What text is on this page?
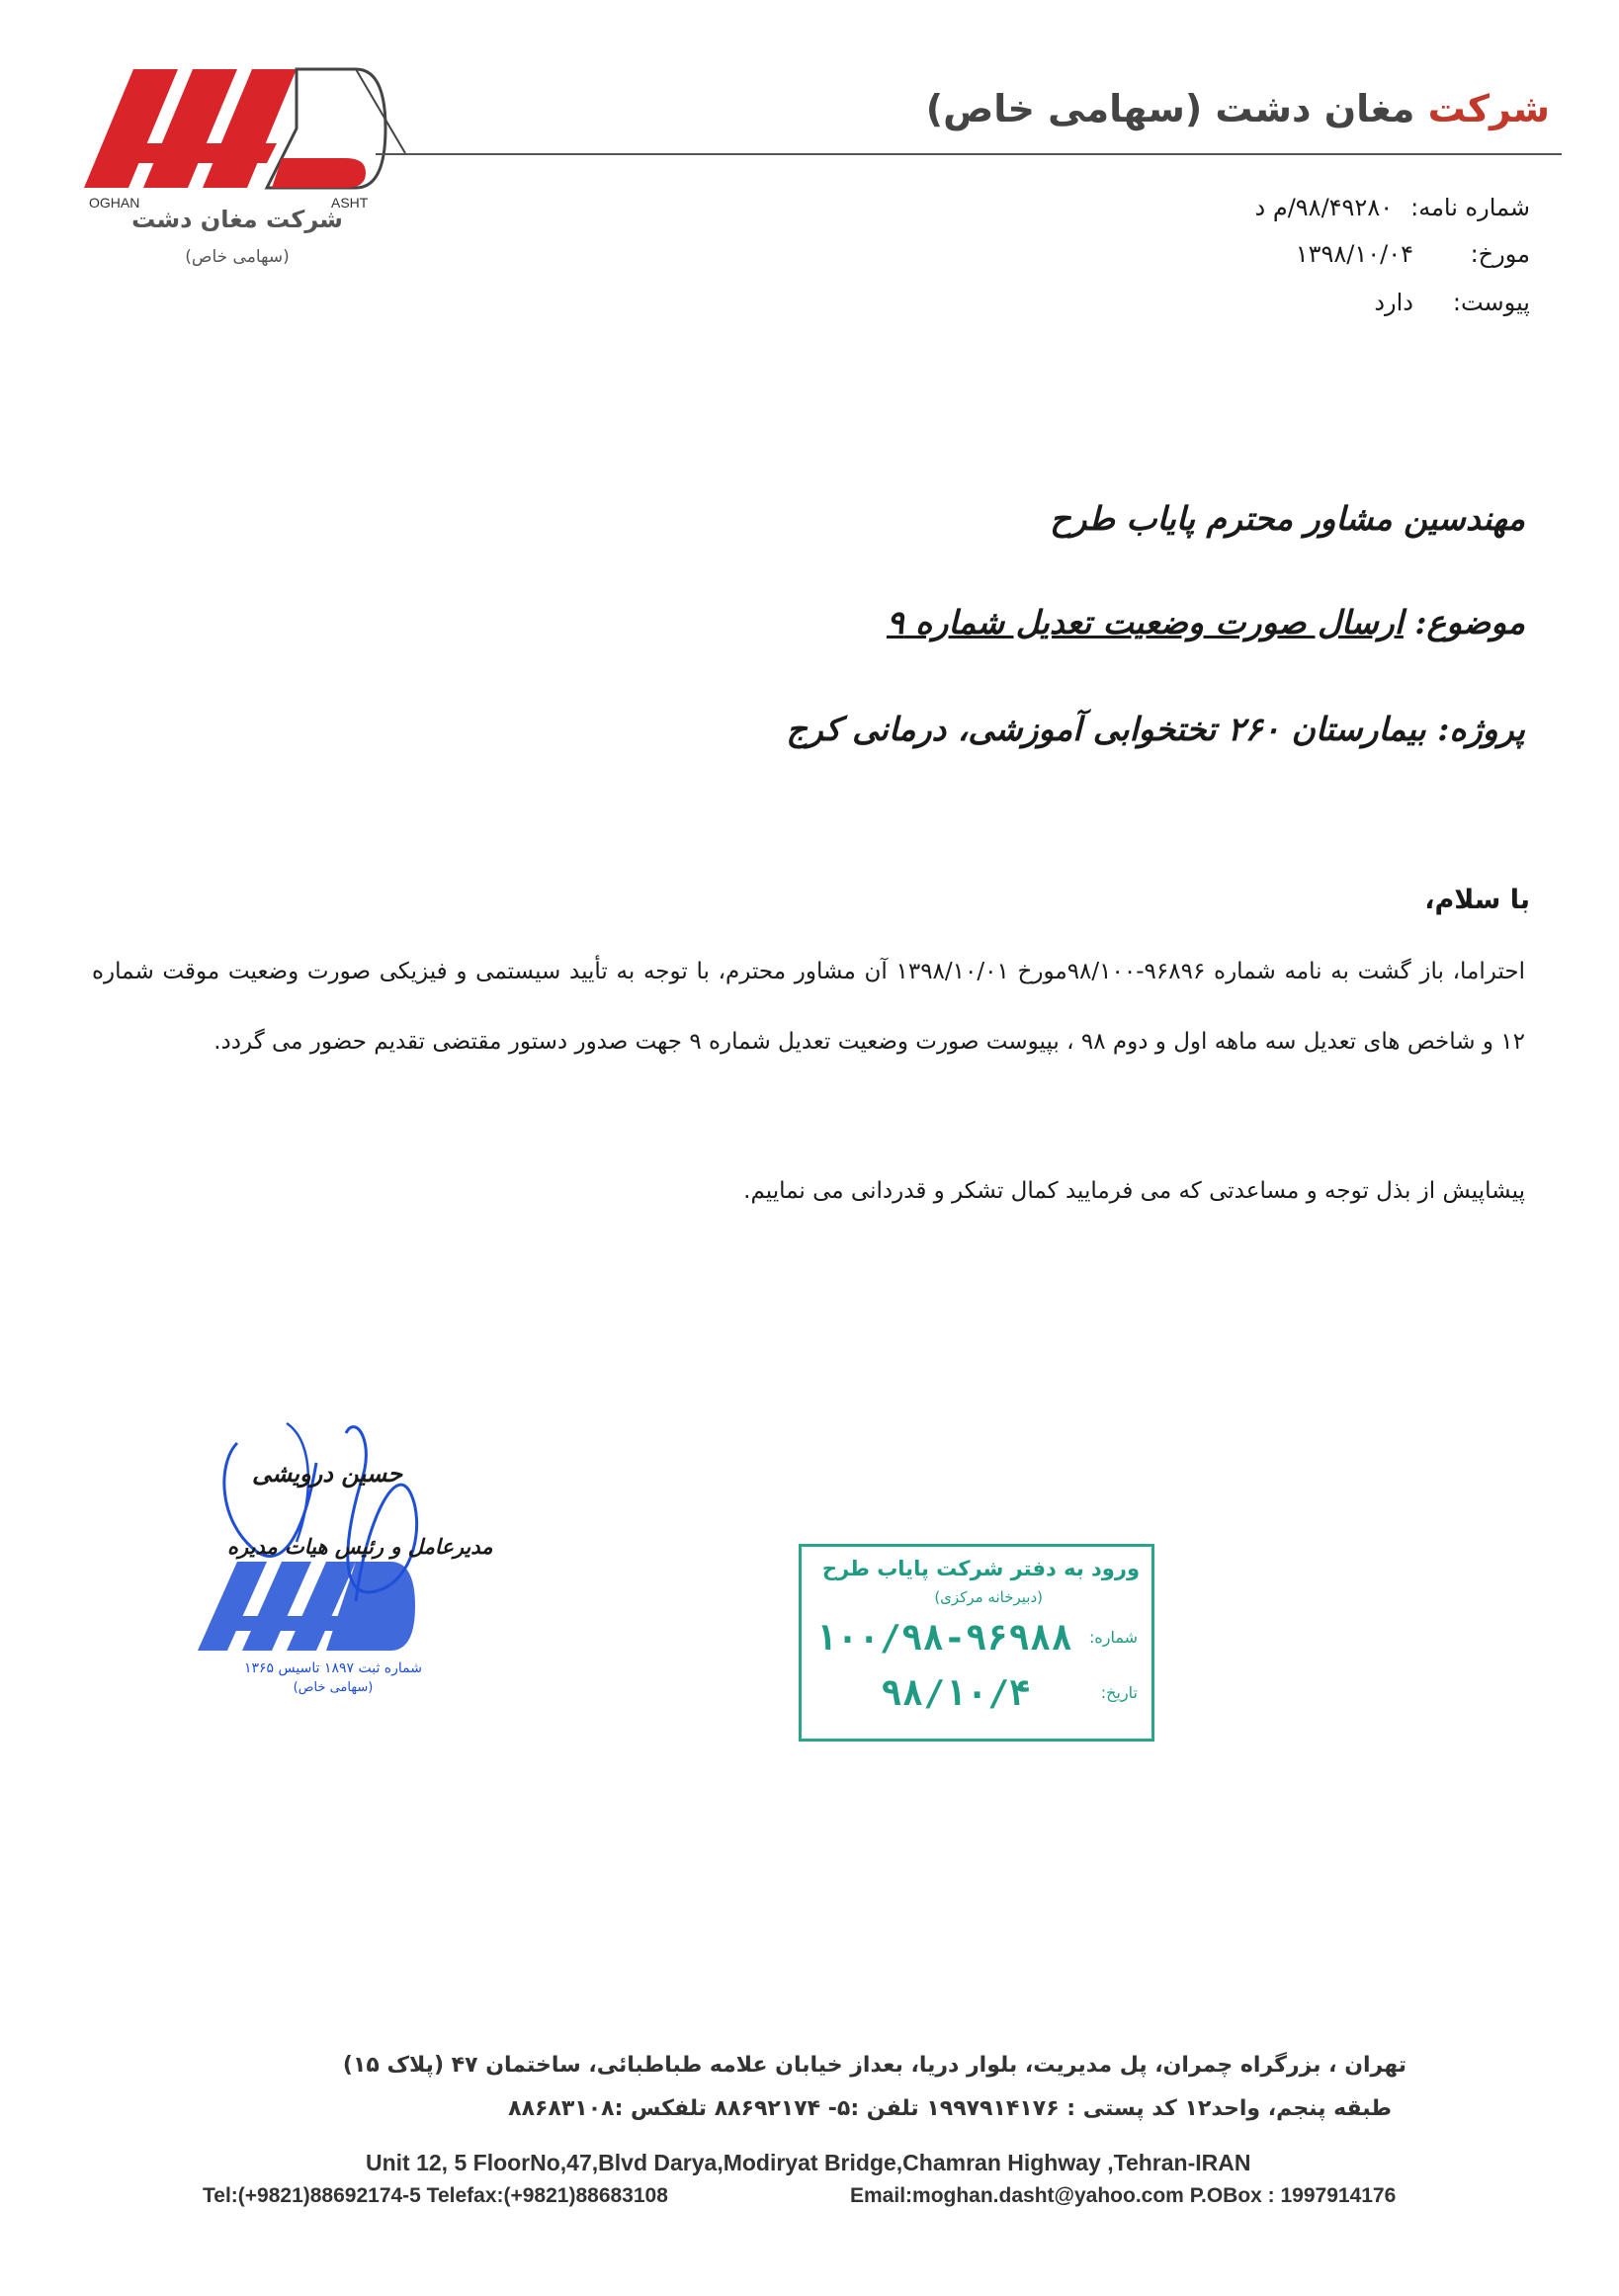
OGHAN	ASHT
شرکت مغان دشت (سهامی خاص)
شرکت مغان دشت
(سهامی خاص)
شماره نامه:
۹۸/۴۹۲۸۰/م د
مورخ:
۱۳۹۸/۱۰/۰۴
پیوست:
دارد
مهندسین مشاور محترم پایاب طرح
موضوع: ارسال صورت وضعیت تعدیل شماره ۹
پروژه: بیمارستان ۲۶۰ تختخوابی آموزشی، درمانی کرج
با سلام،
احتراما، باز گشت به نامه شماره ۹۶۸۹۶-۹۸/۱۰۰مورخ ۱۳۹۸/۱۰/۰۱ آن مشاور محترم، با توجه به تأیید سیستمی و فیزیکی صورت وضعیت موقت شماره ۱۲ و شاخص های تعدیل سه ماهه اول و دوم ۹۸ ، بپیوست صورت وضعیت تعدیل شماره ۹ جهت صدور دستور مقتضی تقدیم حضور می گردد.
پیشاپیش از بذل توجه و مساعدتی که می فرمایید کمال تشکر و قدردانی می نماییم.
حسین درویشی
مدیرعامل و رئیس هیات مدیره
شماره ثبت ۱۸۹۷ تاسیس ۱۳۶۵
(سهامی خاص)
ورود به دفتر شرکت پایاب طرح
(دبیرخانه مرکزی)
شماره:
۱۰۰/۹۸-۹۶۹۸۸
تاریخ:
۹۸/۱۰/۴
تهران ، بزرگراه چمران، پل مدیریت، بلوار دریا، بعداز خیابان علامه طباطبائی، ساختمان ۴۷ (پلاک ۱۵)
طبقه پنجم، واحد۱۲ کد پستی : ۱۹۹۷۹۱۴۱۷۶ تلفن :۵- ۸۸۶۹۲۱۷۴ تلفکس :۸۸۶۸۳۱۰۸
Unit 12, 5 FloorNo,47,Blvd Darya,Modiryat Bridge,Chamran Highway ,Tehran-IRAN
Tel:(+9821)88692174-5 Telefax:(+9821)88683108	Email:moghan.dasht@yahoo.com P.OBox : 1997914176
